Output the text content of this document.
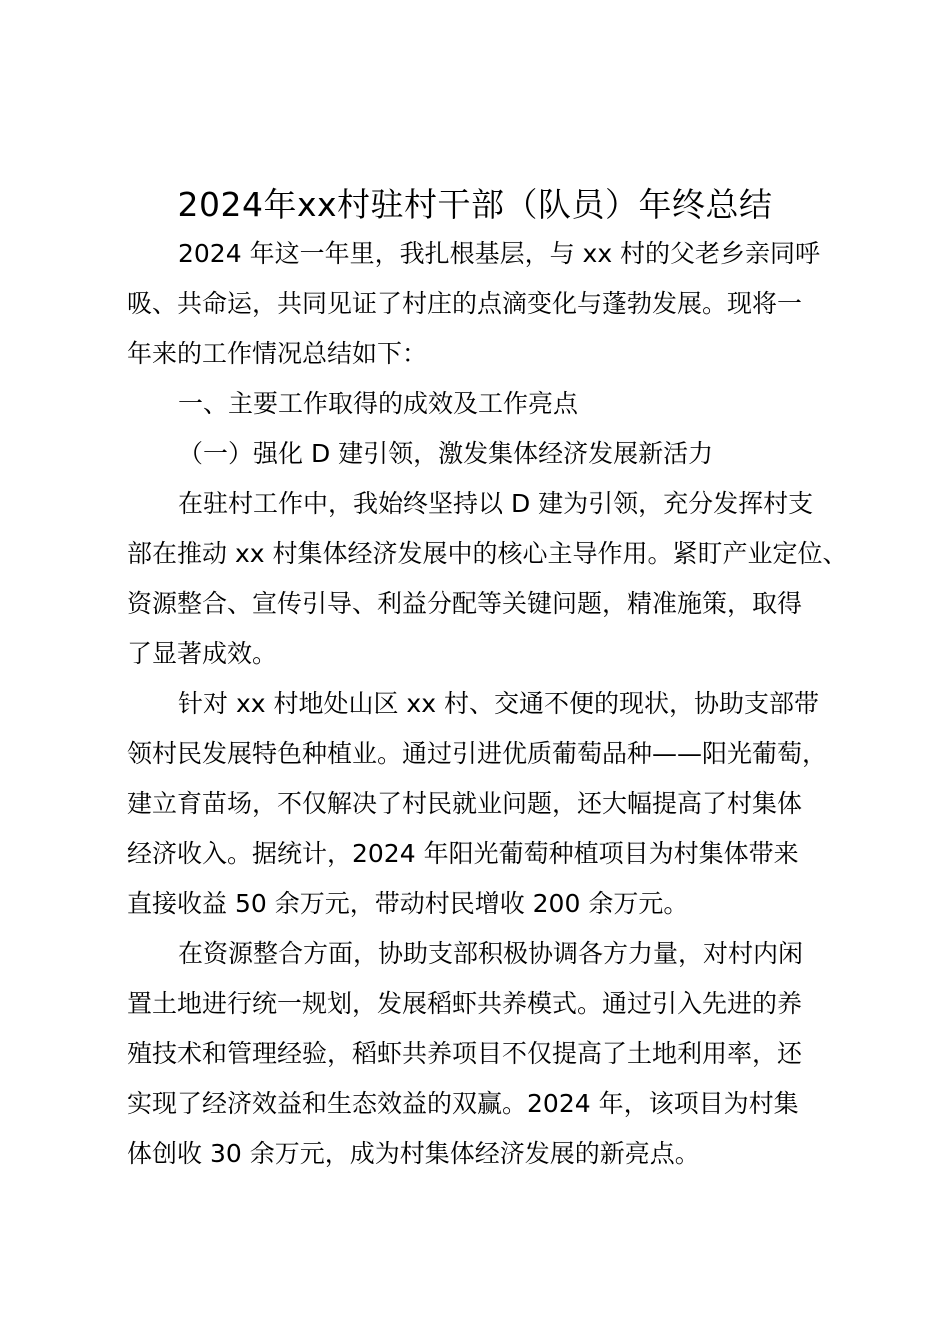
2024年xx村驻村干部（队员）年终总结

2024 年这一年里，我扎根基层，与 xx 村的父老乡亲同呼

吸、共命运，共同见证了村庄的点滴变化与蓬勃发展。现将一

年来的工作情况总结如下：

一、主要工作取得的成效及工作亮点

（一）强化 D 建引领，激发集体经济发展新活力

在驻村工作中，我始终坚持以 D 建为引领，充分发挥村支

部在推动 xx 村集体经济发展中的核心主导作用。紧盯产业定位、

资源整合、宣传引导、利益分配等关键问题，精准施策，取得

了显著成效。

针对 xx 村地处山区 xx 村、交通不便的现状，协助支部带

领村民发展特色种植业。通过引进优质葡萄品种——阳光葡萄，

建立育苗场，不仅解决了村民就业问题，还大幅提高了村集体

经济收入。据统计，2024 年阳光葡萄种植项目为村集体带来

直接收益 50 余万元，带动村民增收 200 余万元。

在资源整合方面，协助支部积极协调各方力量，对村内闲

置土地进行统一规划，发展稻虾共养模式。通过引入先进的养

殖技术和管理经验，稻虾共养项目不仅提高了土地利用率，还

实现了经济效益和生态效益的双赢。2024 年，该项目为村集

体创收 30 余万元，成为村集体经济发展的新亮点。
